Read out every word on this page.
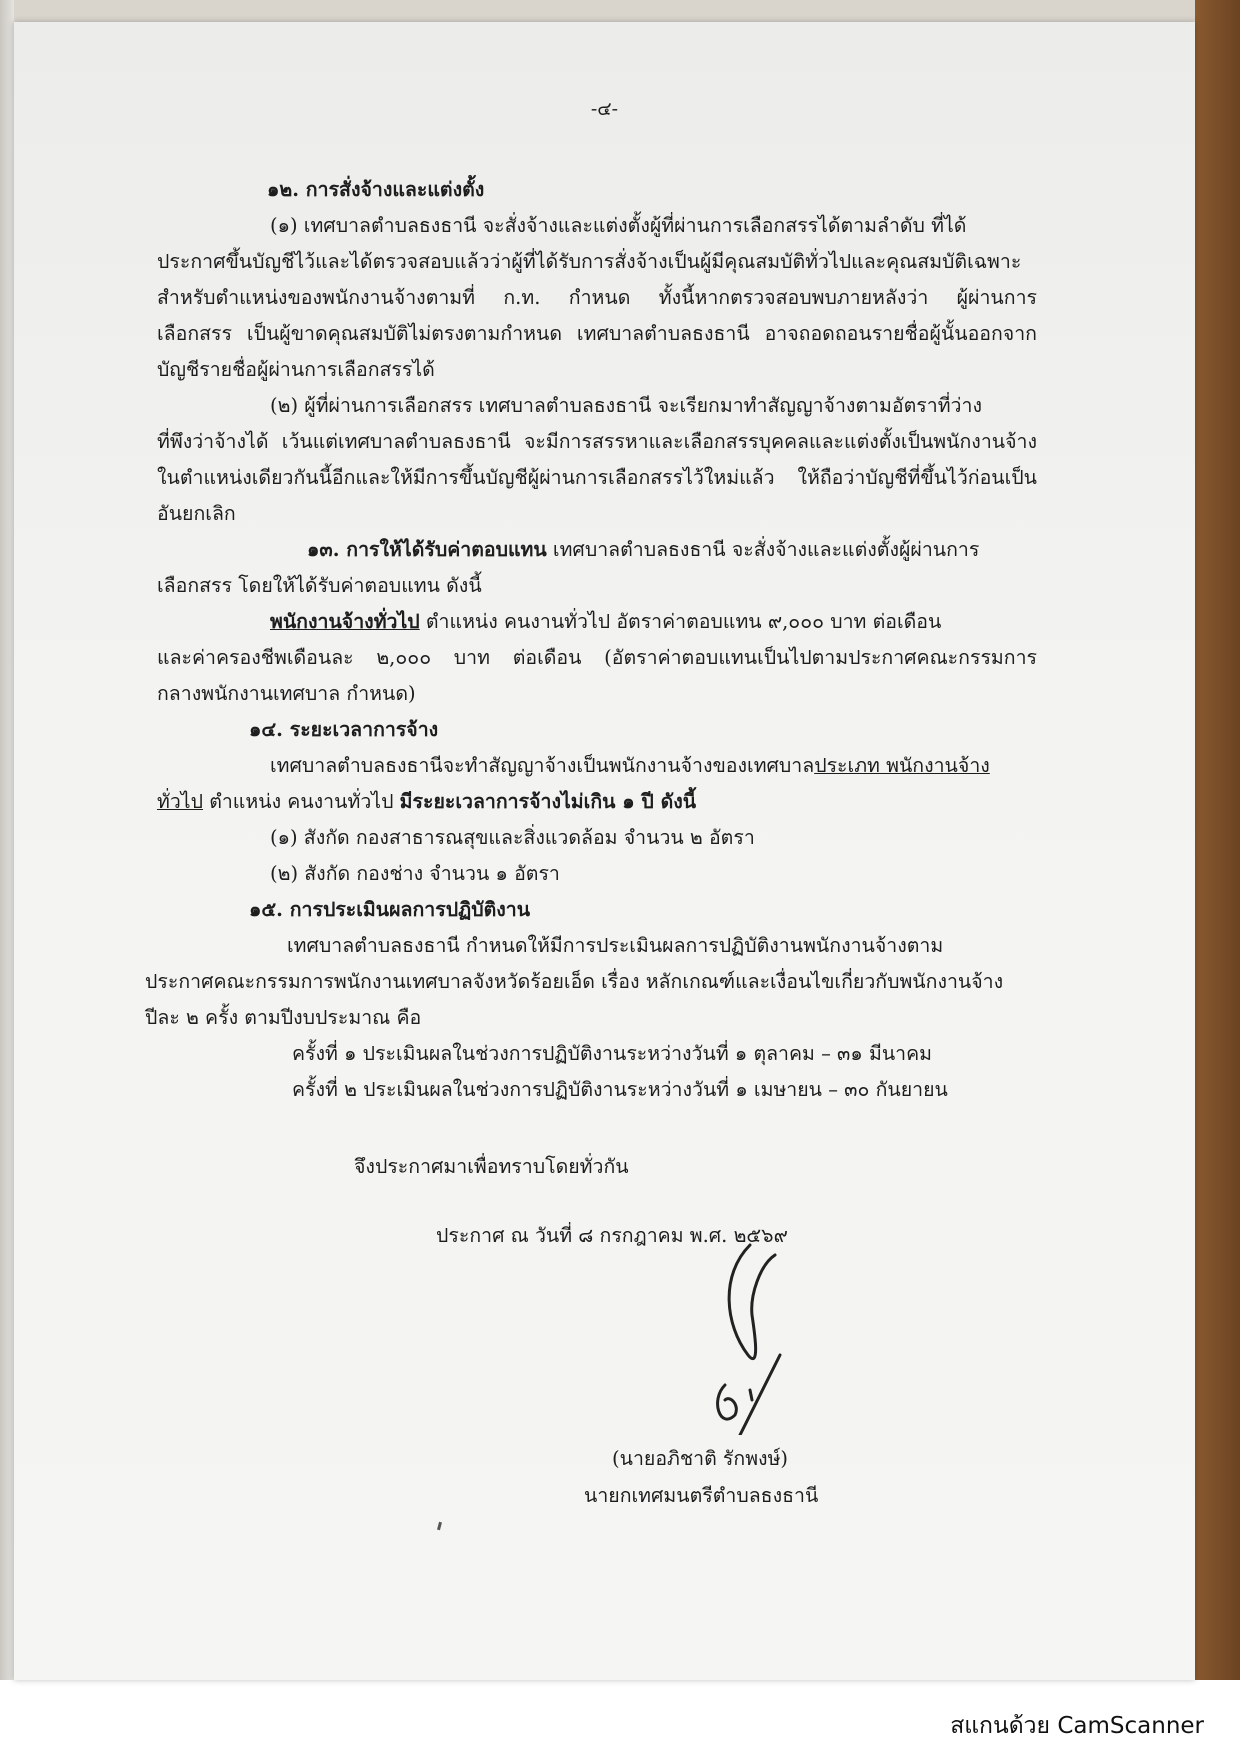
-๔-

๑๒. การสั่งจ้างและแต่งตั้ง

(๑) เทศบาลตำบลธงธานี จะสั่งจ้างและแต่งตั้งผู้ที่ผ่านการเลือกสรรได้ตามลำดับ ที่ได้

ประกาศขึ้นบัญชีไว้และได้ตรวจสอบแล้วว่าผู้ที่ได้รับการสั่งจ้างเป็นผู้มีคุณสมบัติทั่วไปและคุณสมบัติเฉพาะ

สำหรับตำแหน่งของพนักงานจ้างตามที่ ก.ท. กำหนด ทั้งนี้หากตรวจสอบพบภายหลังว่า ผู้ผ่านการ

เลือกสรร เป็นผู้ขาดคุณสมบัติไม่ตรงตามกำหนด เทศบาลตำบลธงธานี อาจถอดถอนรายชื่อผู้นั้นออกจาก

บัญชีรายชื่อผู้ผ่านการเลือกสรรได้

(๒) ผู้ที่ผ่านการเลือกสรร เทศบาลตำบลธงธานี จะเรียกมาทำสัญญาจ้างตามอัตราที่ว่าง

ที่พึงว่าจ้างได้ เว้นแต่เทศบาลตำบลธงธานี จะมีการสรรหาและเลือกสรรบุคคลและแต่งตั้งเป็นพนักงานจ้าง

ในตำแหน่งเดียวกันนี้อีกและให้มีการขึ้นบัญชีผู้ผ่านการเลือกสรรไว้ใหม่แล้ว ให้ถือว่าบัญชีที่ขึ้นไว้ก่อนเป็น

อันยกเลิก

๑๓. การให้ได้รับค่าตอบแทน เทศบาลตำบลธงธานี จะสั่งจ้างและแต่งตั้งผู้ผ่านการ

เลือกสรร โดยให้ได้รับค่าตอบแทน ดังนี้

พนักงานจ้างทั่วไป ตำแหน่ง คนงานทั่วไป อัตราค่าตอบแทน ๙,๐๐๐ บาท ต่อเดือน

และค่าครองชีพเดือนละ ๒,๐๐๐ บาท ต่อเดือน (อัตราค่าตอบแทนเป็นไปตามประกาศคณะกรรมการ

กลางพนักงานเทศบาล กำหนด)

๑๔. ระยะเวลาการจ้าง

เทศบาลตำบลธงธานีจะทำสัญญาจ้างเป็นพนักงานจ้างของเทศบาลประเภท พนักงานจ้าง

ทั่วไป ตำแหน่ง คนงานทั่วไป มีระยะเวลาการจ้างไม่เกิน ๑ ปี ดังนี้

(๑) สังกัด กองสาธารณสุขและสิ่งแวดล้อม จำนวน ๒ อัตรา

(๒) สังกัด กองช่าง จำนวน ๑ อัตรา

๑๕. การประเมินผลการปฏิบัติงาน

เทศบาลตำบลธงธานี กำหนดให้มีการประเมินผลการปฏิบัติงานพนักงานจ้างตาม

ประกาศคณะกรรมการพนักงานเทศบาลจังหวัดร้อยเอ็ด เรื่อง หลักเกณฑ์และเงื่อนไขเกี่ยวกับพนักงานจ้าง

ปีละ ๒ ครั้ง ตามปีงบประมาณ คือ

ครั้งที่ ๑ ประเมินผลในช่วงการปฏิบัติงานระหว่างวันที่ ๑ ตุลาคม – ๓๑ มีนาคม

ครั้งที่ ๒ ประเมินผลในช่วงการปฏิบัติงานระหว่างวันที่ ๑ เมษายน – ๓๐ กันยายน

จึงประกาศมาเพื่อทราบโดยทั่วกัน
ประกาศ ณ วันที่ ๘ กรกฎาคม พ.ศ. ๒๕๖๙
(นายอภิชาติ รักพงษ์)
นายกเทศมนตรีตำบลธงธานี
สแกนด้วย CamScanner
